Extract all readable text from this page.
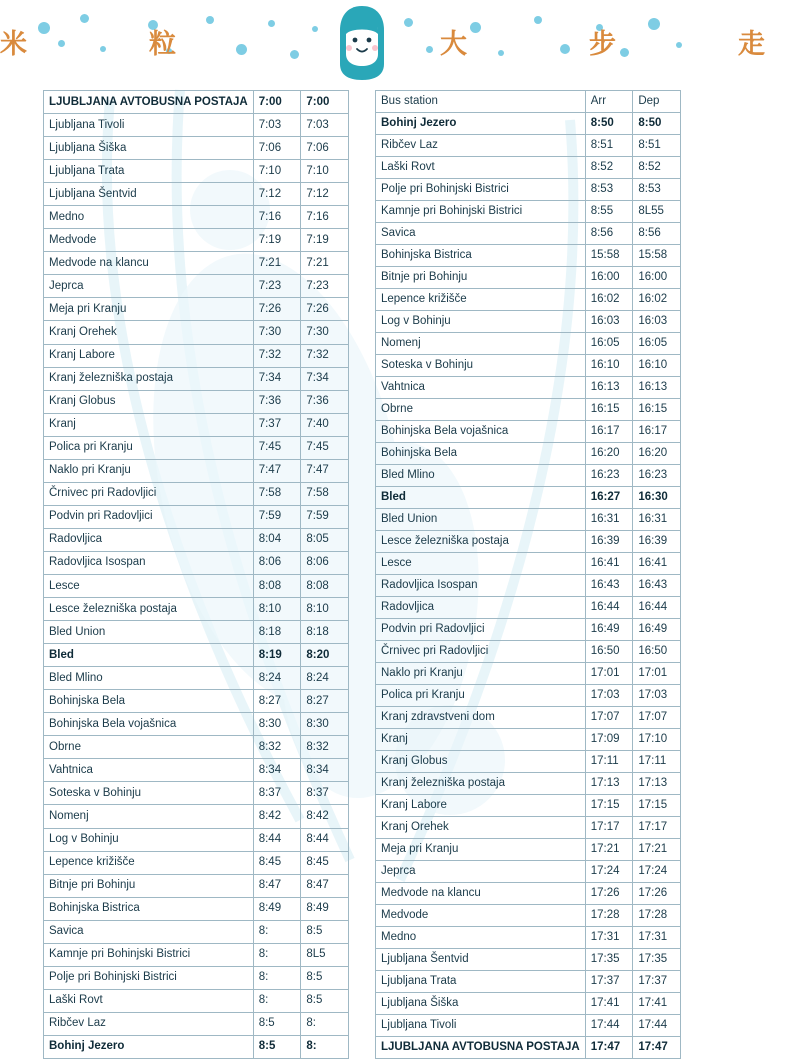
米	粒	大	步	走
LJUBLJANA AVTOBUSNA POSTAJA	7:00	7:00
Ljubljana Tivoli	7:03	7:03
Ljubljana Šiška	7:06	7:06
Ljubljana Trata	7:10	7:10
Ljubljana Šentvid	7:12	7:12
Medno	7:16	7:16
Medvode	7:19	7:19
Medvode na klancu	7:21	7:21
Jeprca	7:23	7:23
Meja pri Kranju	7:26	7:26
Kranj Orehek	7:30	7:30
Kranj Labore	7:32	7:32
Kranj železniška postaja	7:34	7:34
Kranj Globus	7:36	7:36
Kranj	7:37	7:40
Polica pri Kranju	7:45	7:45
Naklo pri Kranju	7:47	7:47
Črnivec pri Radovljici	7:58	7:58
Podvin pri Radovljici	7:59	7:59
Radovljica	8:04	8:05
Radovljica Isospan	8:06	8:06
Lesce	8:08	8:08
Lesce železniška postaja	8:10	8:10
Bled Union	8:18	8:18
Bled	8:19	8:20
Bled Mlino	8:24	8:24
Bohinjska Bela	8:27	8:27
Bohinjska Bela vojašnica	8:30	8:30
Obrne	8:32	8:32
Vahtnica	8:34	8:34
Soteska v Bohinju	8:37	8:37
Nomenj	8:42	8:42
Log v Bohinju	8:44	8:44
Lepence križišče	8:45	8:45
Bitnje pri Bohinju	8:47	8:47
Bohinjska Bistrica	8:49	8:49
Savica	8:	8:5
Kamnje pri Bohinjski Bistrici	8:	8L5
Polje pri Bohinjski Bistrici	8:	8:5
Laški Rovt	8:	8:5
Ribčev Laz	8:5	8:
Bohinj Jezero	8:5	8:
Bus station	Arr	Dep
Bohinj Jezero	8:50	8:50
Ribčev Laz	8:51	8:51
Laški Rovt	8:52	8:52
Polje pri Bohinjski Bistrici	8:53	8:53
Kamnje pri Bohinjski Bistrici	8:55	8L55
Savica	8:56	8:56
Bohinjska Bistrica	15:58	15:58
Bitnje pri Bohinju	16:00	16:00
Lepence križišče	16:02	16:02
Log v Bohinju	16:03	16:03
Nomenj	16:05	16:05
Soteska v Bohinju	16:10	16:10
Vahtnica	16:13	16:13
Obrne	16:15	16:15
Bohinjska Bela vojašnica	16:17	16:17
Bohinjska Bela	16:20	16:20
Bled Mlino	16:23	16:23
Bled	16:27	16:30
Bled Union	16:31	16:31
Lesce železniška postaja	16:39	16:39
Lesce	16:41	16:41
Radovljica Isospan	16:43	16:43
Radovljica	16:44	16:44
Podvin pri Radovljici	16:49	16:49
Črnivec pri Radovljici	16:50	16:50
Naklo pri Kranju	17:01	17:01
Polica pri Kranju	17:03	17:03
Kranj zdravstveni dom	17:07	17:07
Kranj	17:09	17:10
Kranj Globus	17:11	17:11
Kranj železniška postaja	17:13	17:13
Kranj Labore	17:15	17:15
Kranj Orehek	17:17	17:17
Meja pri Kranju	17:21	17:21
Jeprca	17:24	17:24
Medvode na klancu	17:26	17:26
Medvode	17:28	17:28
Medno	17:31	17:31
Ljubljana Šentvid	17:35	17:35
Ljubljana Trata	17:37	17:37
Ljubljana Šiška	17:41	17:41
Ljubljana Tivoli	17:44	17:44
LJUBLJANA AVTOBUSNA POSTAJA	17:47	17:47
